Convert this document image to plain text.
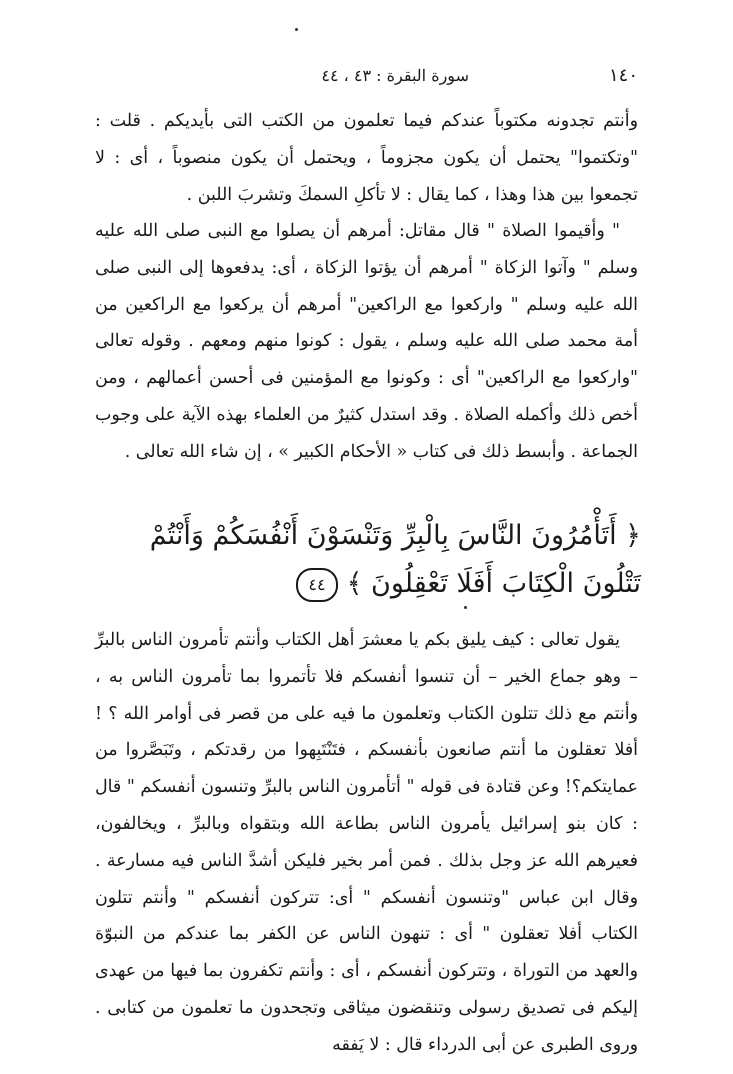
١٤٠
سورة البقرة : ٤٣ ، ٤٤

وأنتم تجدونه مكتوباً عندكم فيما تعلمون من الكتب التى بأيديكم . قلت : "وتكتموا" يحتمل أن يكون مجزوماً ، ويحتمل أن يكون منصوباً ، أى : لا تجمعوا بين هذا وهذا ، كما يقال : لا تأكلِ السمكَ وتشربَ اللبن .

" وأقيموا الصلاة " قال مقاتل: أمرهم أن يصلوا مع النبى صلى الله عليه وسلم " وآتوا الزكاة " أمرهم أن يؤتوا الزكاة ، أى: يدفعوها إلى النبى صلى الله عليه وسلم " واركعوا مع الراكعين" أمرهم أن يركعوا مع الراكعين من أمة محمد صلى الله عليه وسلم ، يقول : كونوا منهم ومعهم . وقوله تعالى "واركعوا مع الراكعين" أى : وكونوا مع المؤمنين فى أحسن أعمالهم ، ومن أخص ذلك وأكمله الصلاة . وقد استدل كثيرٌ من العلماء بهذه الآية على وجوب الجماعة . وأبسط ذلك فى كتاب « الأحكام الكبير » ، إن شاء الله تعالى .

﴿ أَتَأْمُرُونَ النَّاسَ بِالْبِرِّ وَتَنْسَوْنَ أَنْفُسَكُمْ وَأَنْتُمْ تَتْلُونَ الْكِتَابَ أَفَلَا تَعْقِلُونَ ﴾ ٤٤

يقول تعالى : كيف يليق بكم يا معشرَ أهل الكتاب وأنتم تأمرون الناس بالبرِّ – وهو جماع الخير – أن تنسوا أنفسكم فلا تأتمروا بما تأمرون الناس به ، وأنتم مع ذلك تتلون الكتاب وتعلمون ما فيه على من قصر فى أوامر الله ؟ ! أفلا تعقلون ما أنتم صانعون بأنفسكم ، فتَنْتَبِهوا من رقدتكم ، وتَبَصَّروا من عمايتكم؟! وعن قتادة فى قوله " أتأمرون الناس بالبرِّ وتنسون أنفسكم " قال : كان بنو إسرائيل يأمرون الناس بطاعة الله وبتقواه وبالبرِّ ، ويخالفون، فعيرهم الله عز وجل بذلك . فمن أمر بخير فليكن أشدَّ الناس فيه مسارعة . وقال ابن عباس "وتنسون أنفسكم " أى: تتركون أنفسكم " وأنتم تتلون الكتاب أفلا تعقلون " أى : تنهون الناس عن الكفر بما عندكم من النبوّة والعهد من التوراة ، وتتركون أنفسكم ، أى : وأنتم تكفرون بما فيها من عهدى إليكم فى تصديق رسولى وتنقضون ميثاقى وتجحدون ما تعلمون من كتابى . وروى الطبرى عن أبى الدرداء قال : لا يَفقه
